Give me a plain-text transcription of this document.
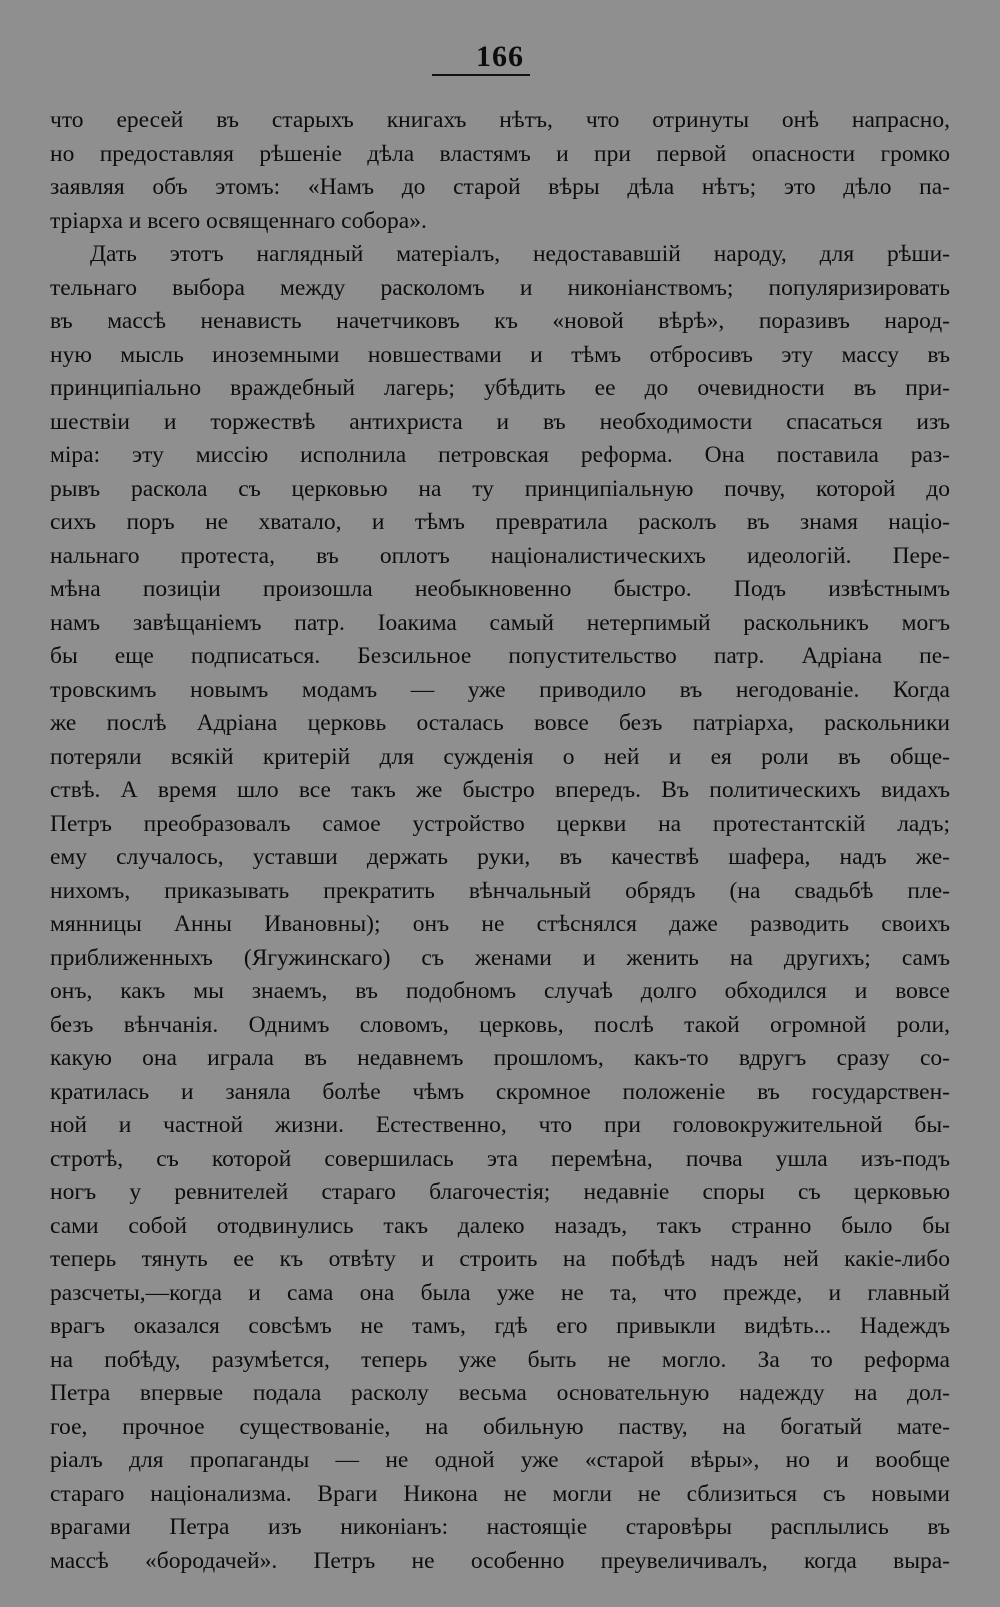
166
что ересей въ старыхъ книгахъ нѣтъ, что отринуты онѣ напрасно,
но предоставляя рѣшеніе дѣла властямъ и при первой опасности громко
заявляя объ этомъ: «Намъ до старой вѣры дѣла нѣтъ; это дѣло па-
тріарха и всего освященнаго собора».
Дать этотъ наглядный матеріалъ, недостававшій народу, для рѣши-
тельнаго выбора между расколомъ и никоніанствомъ; популяризировать
въ массѣ ненависть начетчиковъ къ «новой вѣрѣ», поразивъ народ-
ную мысль иноземными новшествами и тѣмъ отбросивъ эту массу въ
принципіально враждебный лагерь; убѣдить ее до очевидности въ при-
шествіи и торжествѣ антихриста и въ необходимости спасаться изъ
міра: эту миссію исполнила петровская реформа. Она поставила раз-
рывъ раскола съ церковью на ту принципіальную почву, которой до
сихъ поръ не хватало, и тѣмъ превратила расколъ въ знамя націо-
нальнаго протеста, въ оплотъ націоналистическихъ идеологій. Пере-
мѣна позиціи произошла необыкновенно быстро. Подъ извѣстнымъ
намъ завѣщаніемъ патр. Іоакима самый нетерпимый раскольникъ могъ
бы еще подписаться. Безсильное попустительство патр. Адріана пе-
тровскимъ новымъ модамъ — уже приводило въ негодованіе. Когда
же послѣ Адріана церковь осталась вовсе безъ патріарха, раскольники
потеряли всякій критерій для сужденія о ней и ея роли въ обще-
ствѣ. А время шло все такъ же быстро впередъ. Въ политическихъ видахъ
Петръ преобразовалъ самое устройство церкви на протестантскій ладъ;
ему случалось, уставши держать руки, въ качествѣ шафера, надъ же-
нихомъ, приказывать прекратить вѣнчальный обрядъ (на свадьбѣ пле-
мянницы Анны Ивановны); онъ не стѣснялся даже разводить своихъ
приближенныхъ (Ягужинскаго) съ женами и женить на другихъ; самъ
онъ, какъ мы знаемъ, въ подобномъ случаѣ долго обходился и вовсе
безъ вѣнчанія. Однимъ словомъ, церковь, послѣ такой огромной роли,
какую она играла въ недавнемъ прошломъ, какъ-то вдругъ сразу со-
кратилась и заняла болѣе чѣмъ скромное положеніе въ государствен-
ной и частной жизни. Естественно, что при головокружительной бы-
стротѣ, съ которой совершилась эта перемѣна, почва ушла изъ-подъ
ногъ у ревнителей стараго благочестія; недавніе споры съ церковью
сами собой отодвинулись такъ далеко назадъ, такъ странно было бы
теперь тянуть ее къ отвѣту и строить на побѣдѣ надъ ней какіе-либо
разсчеты,—когда и сама она была уже не та, что прежде, и главный
врагъ оказался совсѣмъ не тамъ, гдѣ его привыкли видѣть... Надеждъ
на побѣду, разумѣется, теперь уже быть не могло. За то реформа
Петра впервые подала расколу весьма основательную надежду на дол-
гое, прочное существованіе, на обильную паству, на богатый мате-
ріалъ для пропаганды — не одной уже «старой вѣры», но и вообще
стараго націонализма. Враги Никона не могли не сблизиться съ новыми
врагами Петра изъ никоніанъ: настоящіе старовѣры расплылись въ
массѣ «бородачей». Петръ не особенно преувеличивалъ, когда выра-
